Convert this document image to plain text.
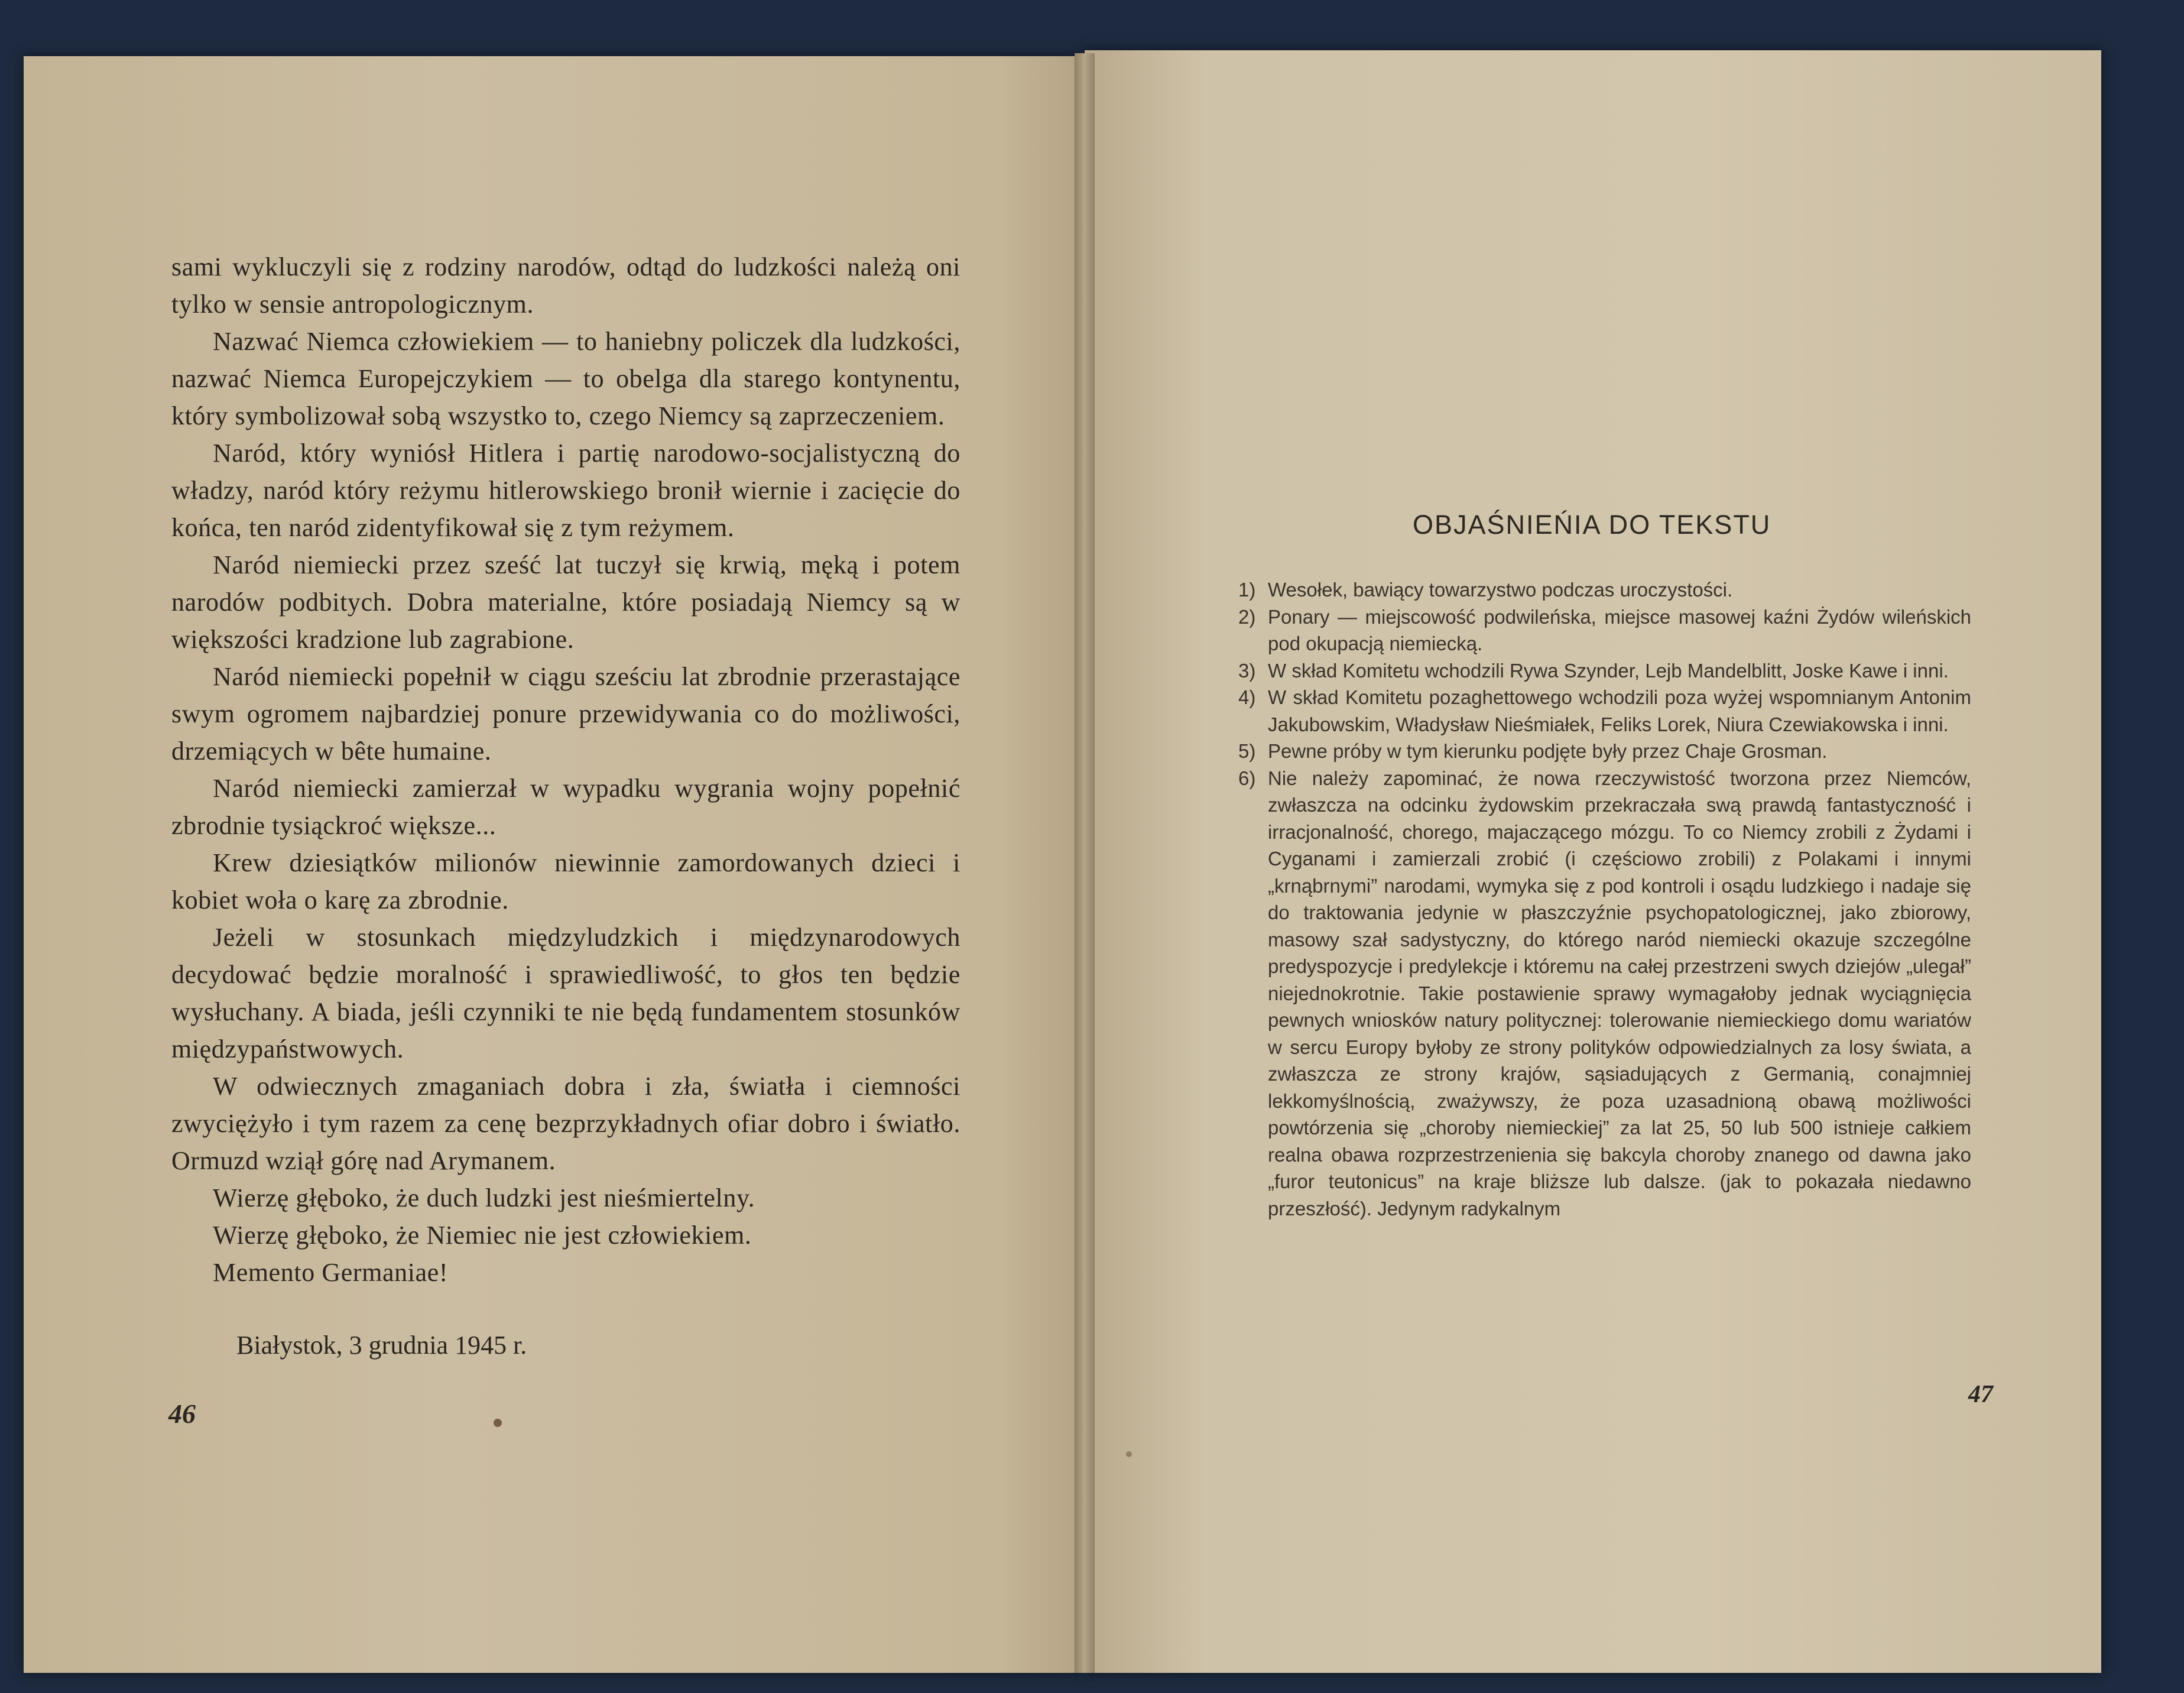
sami wykluczyli się z rodziny narodów, odtąd do ludzkości należą oni tylko w sensie antropologicznym.

Nazwać Niemca człowiekiem — to haniebny policzek dla ludzkości, nazwać Niemca Europejczykiem — to obelga dla starego kontynentu, który symbolizował sobą wszystko to, czego Niemcy są zaprzeczeniem.

Naród, który wyniósł Hitlera i partię narodowo-socjalistyczną do władzy, naród który reżymu hitlerowskiego bronił wiernie i zacięcie do końca, ten naród zidentyfikował się z tym reżymem.

Naród niemiecki przez sześć lat tuczył się krwią, męką i potem narodów podbitych. Dobra materialne, które posiadają Niemcy są w większości kradzione lub zagrabione.

Naród niemiecki popełnił w ciągu sześciu lat zbrodnie przerastające swym ogromem najbardziej ponure przewidywania co do możliwości, drzemiących w bête humaine.

Naród niemiecki zamierzał w wypadku wygrania wojny popełnić zbrodnie tysiąckroć większe...

Krew dziesiątków milionów niewinnie zamordowanych dzieci i kobiet woła o karę za zbrodnie.

Jeżeli w stosunkach międzyludzkich i międzynarodowych decydować będzie moralność i sprawiedliwość, to głos ten będzie wysłuchany. A biada, jeśli czynniki te nie będą fundamentem stosunków międzypaństwowych.

W odwiecznych zmaganiach dobra i zła, światła i ciemności zwyciężyło i tym razem za cenę bezprzykładnych ofiar dobro i światło. Ormuzd wziął górę nad Arymanem.

Wierzę głęboko, że duch ludzki jest nieśmiertelny.

Wierzę głęboko, że Niemiec nie jest człowiekiem.

Memento Germaniae!

Białystok, 3 grudnia 1945 r.
46
OBJAŚNIEŃIA DO TEKSTU
1) Wesołek, bawiący towarzystwo podczas uroczystości.
2) Ponary — miejscowość podwileńska, miejsce masowej kaźni Żydów wileńskich pod okupacją niemiecką.
3) W skład Komitetu wchodzili Rywa Szynder, Lejb Mandelblitt, Joske Kawe i inni.
4) W skład Komitetu pozaghettowego wchodzili poza wyżej wspomnianym Antonim Jakubowskim, Władysław Nieśmiałek, Feliks Lorek, Niura Czewiakowska i inni.
5) Pewne próby w tym kierunku podjęte były przez Chaje Grosman.
6) Nie należy zapominać, że nowa rzeczywistość tworzona przez Niemców, zwłaszcza na odcinku żydowskim przekraczała swą prawdą fantastyczność i irracjonalność, chorego, majaczącego mózgu. To co Niemcy zrobili z Żydami i Cyganami i zamierzali zrobić (i częściowo zrobili) z Polakami i innymi „krnąbrnymi” narodami, wymyka się z pod kontroli i osądu ludzkiego i nadaje się do traktowania jedynie w płaszczyźnie psychopatologicznej, jako zbiorowy, masowy szał sadystyczny, do którego naród niemiecki okazuje szczególne predyspozycje i predylekcje i któremu na całej przestrzeni swych dziejów „ulegał” niejednokrotnie. Takie postawienie sprawy wymagałoby jednak wyciągnięcia pewnych wniosków natury politycznej: tolerowanie niemieckiego domu wariatów w sercu Europy byłoby ze strony polityków odpowiedzialnych za losy świata, a zwłaszcza ze strony krajów, sąsiadujących z Germanią, conajmniej lekkomyślnością, zważywszy, że poza uzasadnioną obawą możliwości powtórzenia się „choroby niemieckiej” za lat 25, 50 lub 500 istnieje całkiem realna obawa rozprzestrzenienia się bakcyla choroby znanego od dawna jako „furor teutonicus” na kraje bliższe lub dalsze. (jak to pokazała niedawno przeszłość). Jedynym radykalnym
47
